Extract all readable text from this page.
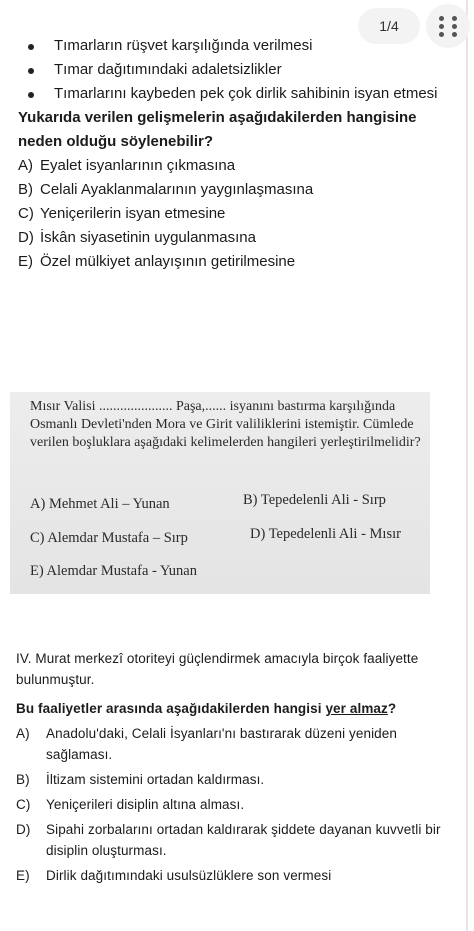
1/4
Tımarların rüşvet karşılığında verilmesi
Tımar dağıtımındaki adaletsizlikler
Tımarlarını kaybeden pek çok dirlik sahibinin isyan etmesi
Yukarıda verilen gelişmelerin aşağıdakilerden hangisine neden olduğu söylenebilir?
A) Eyalet isyanlarının çıkmasına
B) Celali Ayaklanmalarının yaygınlaşmasına
C) Yeniçerilerin isyan etmesine
D) İskân siyasetinin uygulanmasına
E) Özel mülkiyet anlayışının getirilmesine
Mısır Valisi ..................... Paşa,...... isyanını bastırma karşılığında Osmanlı Devleti'nden Mora ve Girit valiliklerini istemiştir. Cümlede verilen boşluklara aşağıdaki kelimelerden hangileri yerleştirilmelidir?
A) Mehmet Ali – Yunan	B) Tepedelenli Ali - Sırp
C) Alemdar Mustafa – Sırp	D) Tepedelenli Ali - Mısır
E) Alemdar Mustafa - Yunan
IV. Murat merkezî otoriteyi güçlendirmek amacıyla birçok faaliyette bulunmuştur.
Bu faaliyetler arasında aşağıdakilerden hangisi yer almaz?
A) Anadolu'daki, Celali İsyanları'nı bastırarak düzeni yeniden sağlaması.
B) İltizam sistemini ortadan kaldırması.
C) Yeniçerileri disiplin altına alması.
D) Sipahi zorbalarını ortadan kaldırarak şiddete dayanan kuvvetli bir disiplin oluşturması.
E) Dirlik dağıtımındaki usulsüzlüklere son vermesi
